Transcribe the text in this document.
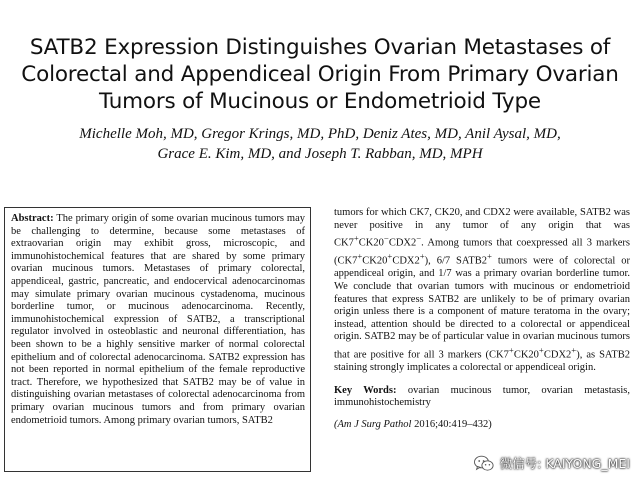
SATB2 Expression Distinguishes Ovarian Metastases of
Colorectal and Appendiceal Origin From Primary Ovarian
Tumors of Mucinous or Endometrioid Type
Michelle Moh, MD, Gregor Krings, MD, PhD, Deniz Ates, MD, Anil Aysal, MD,
Grace E. Kim, MD, and Joseph T. Rabban, MD, MPH

Abstract: The primary origin of some ovarian mucinous tumors may be challenging to determine, because some metastases of extraovarian origin may exhibit gross, microscopic, and immunohistochemical features that are shared by some primary ovarian mucinous tumors. Metastases of primary colorectal, appendiceal, gastric, pancreatic, and endocervical adenocarcinomas may simulate primary ovarian mucinous cystadenoma, mucinous borderline tumor, or mucinous adenocarcinoma. Recently, immunohistochemical expression of SATB2, a transcriptional regulator involved in osteoblastic and neuronal differentiation, has been shown to be a highly sensitive marker of normal colorectal epithelium and of colorectal adenocarcinoma. SATB2 expression has not been reported in normal epithelium of the female reproductive tract. Therefore, we hypothesized that SATB2 may be of value in distinguishing ovarian metastases of colorectal adenocarcinoma from primary ovarian mucinous tumors and from primary ovarian endometrioid tumors. Among primary ovarian tumors, SATB2

tumors for which CK7, CK20, and CDX2 were available, SATB2 was never positive in any tumor of any origin that was CK7+CK20−CDX2−. Among tumors that coexpressed all 3 markers (CK7+CK20+CDX2+), 6/7 SATB2+ tumors were of colorectal or appendiceal origin, and 1/7 was a primary ovarian borderline tumor. We conclude that ovarian tumors with mucinous or endometrioid features that express SATB2 are unlikely to be of primary ovarian origin unless there is a component of mature teratoma in the ovary; instead, attention should be directed to a colorectal or appendiceal origin. SATB2 may be of particular value in ovarian mucinous tumors that are positive for all 3 markers (CK7+CK20+CDX2+), as SATB2 staining strongly implicates a colorectal or appendiceal origin.

Key Words: ovarian mucinous tumor, ovarian metastasis, immunohistochemistry

(Am J Surg Pathol 2016;40:419–432)

微信号: KAIYONG_MEI
